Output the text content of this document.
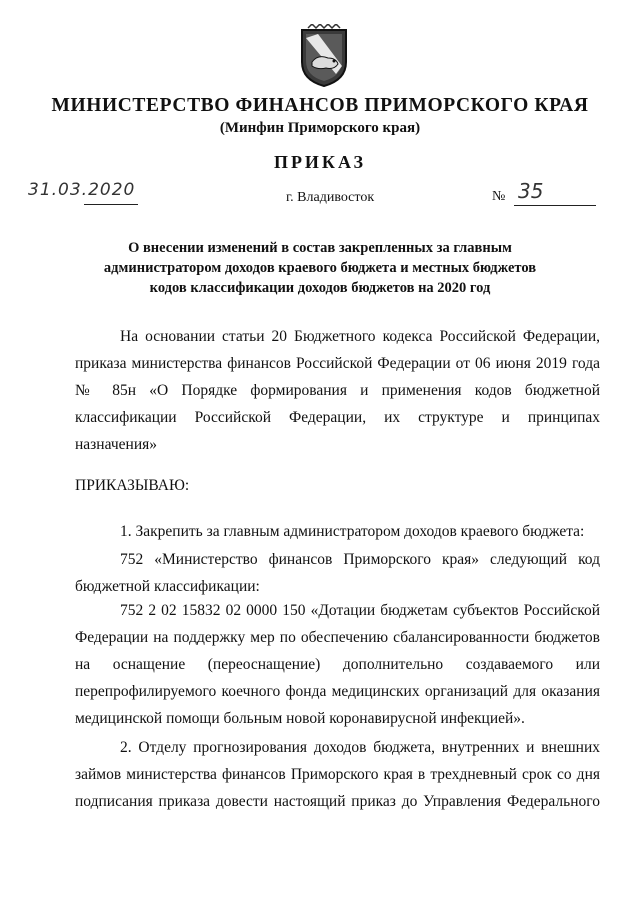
МИНИСТЕРСТВО ФИНАНСОВ ПРИМОРСКОГО КРАЯ
(Минфин Приморского края)
ПРИКАЗ
31.03.2020	г. Владивосток	№ 35
О внесении изменений в состав закрепленных за главным администратором доходов краевого бюджета и местных бюджетов кодов классификации доходов бюджетов на 2020 год
На основании статьи 20 Бюджетного кодекса Российской Федерации, приказа министерства финансов Российской Федерации от 06 июня 2019 года № 85н «О Порядке формирования и применения кодов бюджетной классификации Российской Федерации, их структуре и принципах назначения»
ПРИКАЗЫВАЮ:
1. Закрепить за главным администратором доходов краевого бюджета:
752 «Министерство финансов Приморского края» следующий код бюджетной классификации:
752 2 02 15832 02 0000 150 «Дотации бюджетам субъектов Российской Федерации на поддержку мер по обеспечению сбалансированности бюджетов на оснащение (переоснащение) дополнительно создаваемого или перепрофилируемого коечного фонда медицинских организаций для оказания медицинской помощи больным новой коронавирусной инфекцией».
2. Отделу прогнозирования доходов бюджета, внутренних и внешних займов министерства финансов Приморского края в трехдневный срок со дня подписания приказа довести настоящий приказ до Управления Федерального
